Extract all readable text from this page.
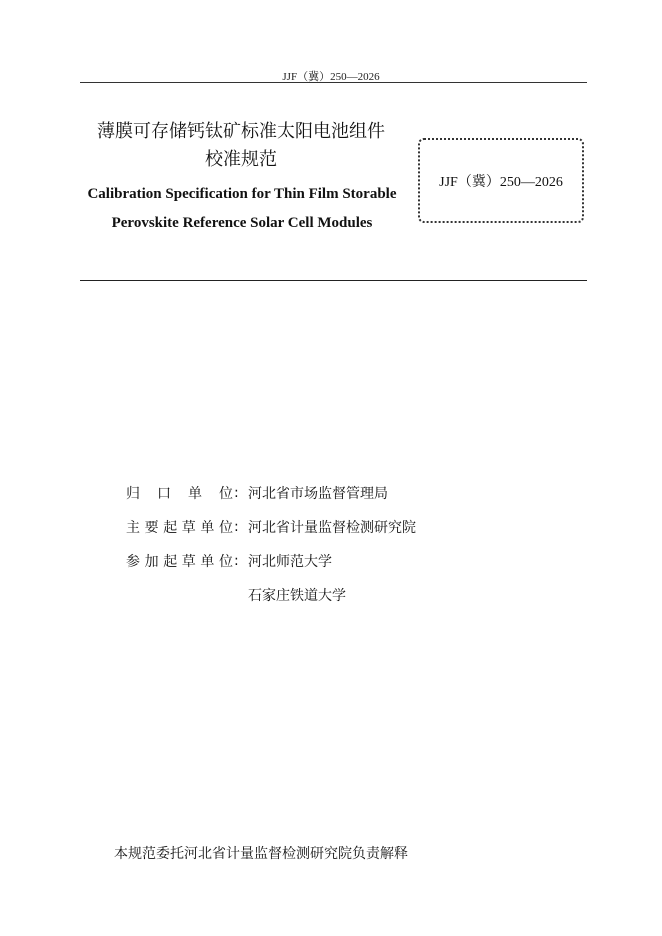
JJF（冀）250—2026
薄膜可存储钙钛矿标准太阳电池组件
校准规范
Calibration Specification for Thin Film Storable
Perovskite Reference Solar Cell Modules
JJF（冀）250—2026
归口单位 : 河北省市场监督管理局
主要起草单位 : 河北省计量监督检测研究院
参加起草单位 : 河北师范大学
石家庄铁道大学
本规范委托河北省计量监督检测研究院负责解释
